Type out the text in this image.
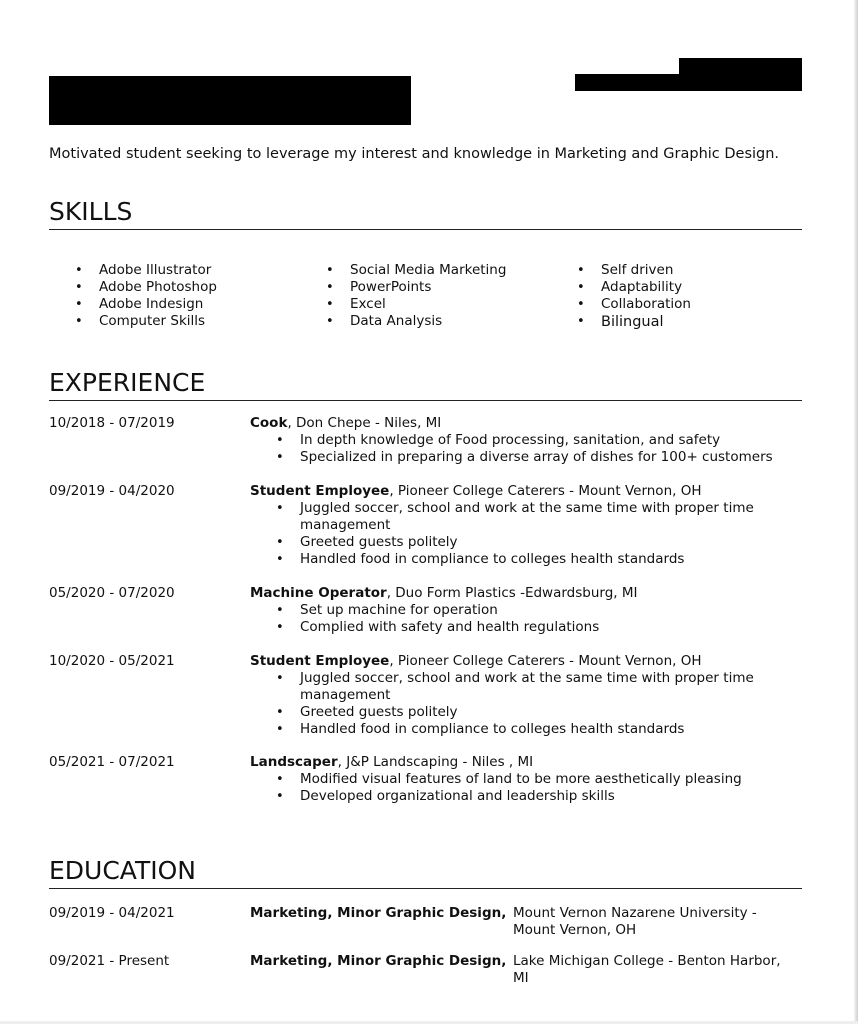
Motivated student seeking to leverage my interest and knowledge in Marketing and Graphic Design.
SKILLS
• Adobe Illustrator
• Adobe Photoshop
• Adobe Indesign
• Computer Skills
• Social Media Marketing
• PowerPoints
• Excel
• Data Analysis
• Self driven
• Adaptability
• Collaboration
• Bilingual
EXPERIENCE
10/2018 - 07/2019	Cook, Don Chepe - Niles, MI
• In depth knowledge of Food processing, sanitation, and safety
• Specialized in preparing a diverse array of dishes for 100+ customers
09/2019 - 04/2020	Student Employee, Pioneer College Caterers - Mount Vernon, OH
• Juggled soccer, school and work at the same time with proper time management
• Greeted guests politely
• Handled food in compliance to colleges health standards
05/2020 - 07/2020	Machine Operator, Duo Form Plastics -Edwardsburg, MI
• Set up machine for operation
• Complied with safety and health regulations
10/2020 - 05/2021	Student Employee, Pioneer College Caterers - Mount Vernon, OH
• Juggled soccer, school and work at the same time with proper time management
• Greeted guests politely
• Handled food in compliance to colleges health standards
05/2021 - 07/2021	Landscaper, J&P Landscaping - Niles , MI
• Modified visual features of land to be more aesthetically pleasing
• Developed organizational and leadership skills
EDUCATION
09/2019 - 04/2021	Marketing, Minor Graphic Design, Mount Vernon Nazarene University - Mount Vernon, OH
09/2021 - Present	Marketing, Minor Graphic Design, Lake Michigan College - Benton Harbor, MI
